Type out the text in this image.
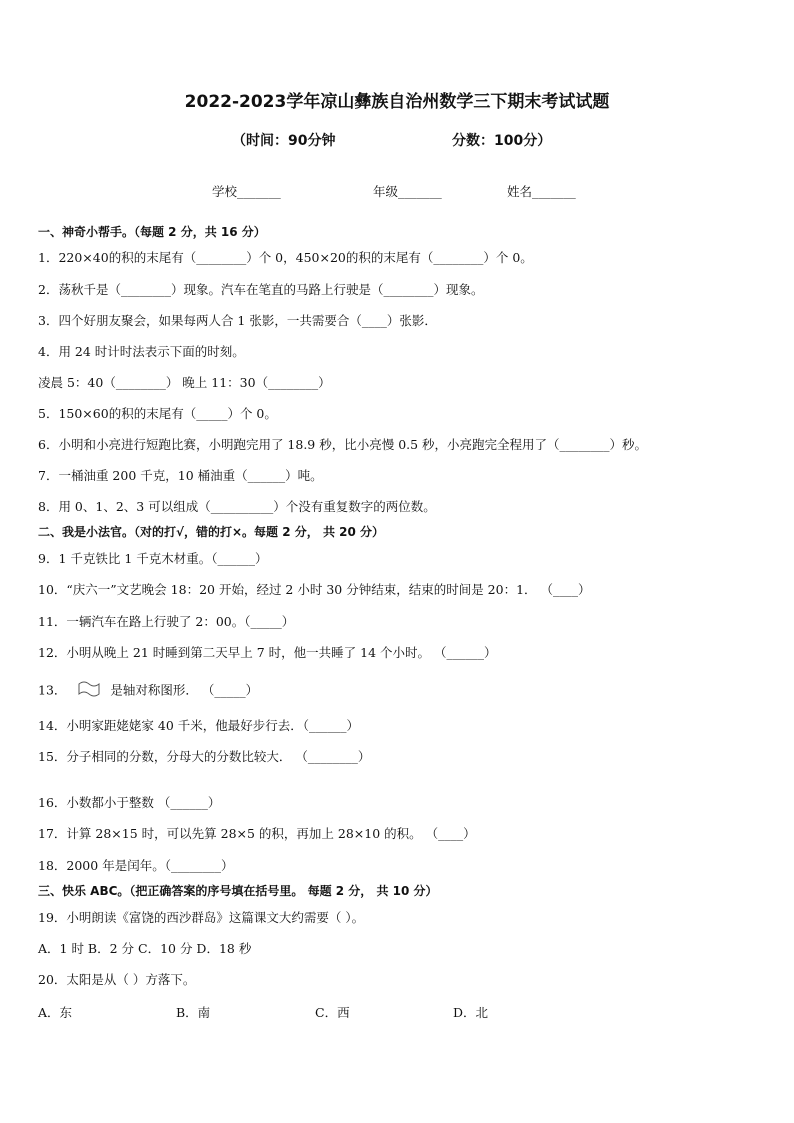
2022-2023学年凉山彝族自治州数学三下期末考试试题
（时间：90分钟	分数：100分）
学校_______	年级_______	姓名_______
一、神奇小帮手。（每题 2 分，共 16 分）
1．220×40的积的末尾有（________）个 0，450×20的积的末尾有（________）个 0。
2．荡秋千是（________）现象。汽车在笔直的马路上行驶是（________）现象。
3．四个好朋友聚会，如果每两人合 1 张影，一共需要合（____）张影．
4．用 24 时计时法表示下面的时刻。
凌晨 5：40（________） 晚上 11：30（________）
5．150×60的积的末尾有（_____）个 0。
6．小明和小亮进行短跑比赛，小明跑完用了 18.9 秒，比小亮慢 0.5 秒，小亮跑完全程用了（________）秒。
7．一桶油重 200 千克，10 桶油重（______）吨。
8．用 0、1、2、3 可以组成（__________）个没有重复数字的两位数。
二、我是小法官。（对的打√，错的打×。每题 2 分， 共 20 分）
9．1 千克铁比 1 千克木材重。（______）
10．“庆六一”文艺晚会 18：20 开始，经过 2 小时 30 分钟结束，结束的时间是 20：1． （____）
11．一辆汽车在路上行驶了 2：00。（_____）
12．小明从晚上 21 时睡到第二天早上 7 时，他一共睡了 14 个小时。 （______）
13．	是轴对称图形． （_____）
14．小明家距姥姥家 40 千米，他最好步行去．（______）
15．分子相同的分数，分母大的分数比较大． （________）
16．小数都小于整数 （______）
17．计算 28×15 时，可以先算 28×5 的积，再加上 28×10 的积。 （____）
18．2000 年是闰年。（________）
三、快乐 ABC。（把正确答案的序号填在括号里。 每题 2 分， 共 10 分）
19．小明朗读《富饶的西沙群岛》这篇课文大约需要（ ）。
A．1 时 B．2 分 C．10 分 D．18 秒
20．太阳是从（ ）方落下。
A．东	B．南	C．西	D．北
